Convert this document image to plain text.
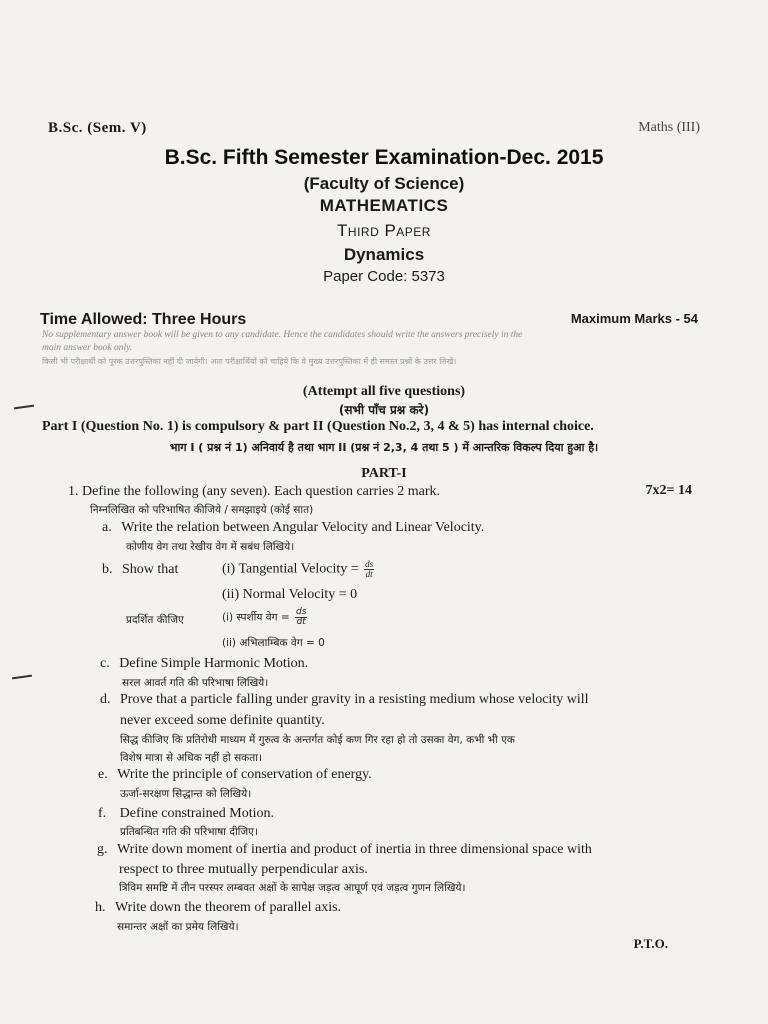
B.Sc. (Sem. V)	Maths (III)
B.Sc. Fifth Semester Examination-Dec. 2015
(Faculty of Science)
MATHEMATICS
Third Paper
Dynamics
Paper Code: 5373
Time Allowed: Three Hours	Maximum Marks - 54
No supplementary answer book will be given to any candidate. Hence the candidates should write the answers precisely in the
main answer book only.
किसी भी परीक्षार्थी को पूरक उत्तरपुस्तिका नहीं दी जायेगी। अतः परीक्षार्थियों को चाहिये कि वे मुख्य उत्तरपुस्तिका में ही समस्त प्रश्नों के उत्तर लिखें।
(Attempt all five questions)
(सभी पाँच प्रश्न करे)
Part I (Question No. 1) is compulsory & part II (Question No.2, 3, 4 & 5) has internal choice.
भाग I ( प्रश्न नं 1) अनिवार्य है तथा भाग II (प्रश्न नं 2,3, 4 तथा 5 ) में आन्तरिक विकल्प दिया हुआ है।
PART-I
1. Define the following (any seven). Each question carries 2 mark.	7x2= 14
निम्नलिखित को परिभाषित कीजिये / समझाइये (कोई सात)
a. Write the relation between Angular Velocity and Linear Velocity.
कोणीय वेग तथा रेखीय वेग में सबंध लिखिये।
b. Show that	(i) Tangential Velocity = $\frac{ds}{dt}$
(ii) Normal Velocity = 0
प्रदर्शित कीजिए	(i) स्पर्शीय वेग = $\frac{ds}{dt}$
(ii) अभिलाम्बिक वेग = 0
c. Define Simple Harmonic Motion.
सरल आवर्त गति की परिभाषा लिखिये।
d. Prove that a particle falling under gravity in a resisting medium whose velocity will
never exceed some definite quantity.
सिद्ध कीजिए कि प्रतिरोधी माध्यम में गुरुत्व के अन्तर्गत कोई कण गिर रहा हो तो उसका वेग, कभी भी एक
विशेष मात्रा से अधिक नहीं हो सकता।
e. Write the principle of conservation of energy.
ऊर्जा-सरक्षण सिद्धान्त को लिखिये।
f. Define constrained Motion.
प्रतिबन्धित गति की परिभाषा दीजिए।
g. Write down moment of inertia and product of inertia in three dimensional space with
respect to three mutually perpendicular axis.
त्रिविम समष्टि में तीन परस्पर लम्बवत अक्षों के सापेक्ष जड़त्व आघूर्ण एवं जड़त्व गुणन लिखिये।
h. Write down the theorem of parallel axis.
समान्तर अक्षों का प्रमेय लिखिये।
P.T.O.
